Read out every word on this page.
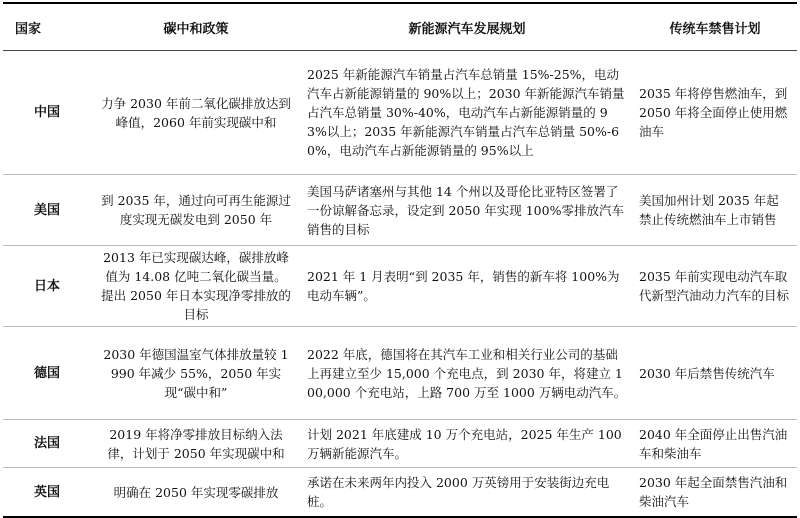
国家	碳中和政策	新能源汽车发展规划	传统车禁售计划
中国	力争 2030 年前二氧化碳排放达到峰值，2060 年前实现碳中和	2025 年新能源汽车销量占汽车总销量 15%-25%，电动汽车占新能源销量的 90%以上；2030 年新能源汽车销量占汽车总销量 30%-40%，电动汽车占新能源销量的 93%以上；2035 年新能源汽车销量占汽车总销量 50%-60%，电动汽车占新能源销量的 95%以上	2035 年将停售燃油车，到 2050 年将全面停止使用燃油车
美国	到 2035 年，通过向可再生能源过度实现无碳发电到 2050 年	美国马萨诸塞州与其他 14 个州以及哥伦比亚特区签署了一份谅解备忘录，设定到 2050 年实现 100%零排放汽车销售的目标	美国加州计划 2035 年起禁止传统燃油车上市销售
日本	2013 年已实现碳达峰，碳排放峰值为 14.08 亿吨二氧化碳当量。提出 2050 年日本实现净零排放的目标	2021 年 1 月表明“到 2035 年，销售的新车将 100%为电动车辆”。	2035 年前实现电动汽车取代新型汽油动力汽车的目标
德国	2030 年德国温室气体排放量较 1990 年减少 55%，2050 年实现“碳中和”	2022 年底，德国将在其汽车工业和相关行业公司的基础上再建立至少 15,000 个充电点，到 2030 年，将建立 100,000 个充电站，上路 700 万至 1000 万辆电动汽车。	2030 年后禁售传统汽车
法国	2019 年将净零排放目标纳入法律，计划于 2050 年实现碳中和	计划 2021 年底建成 10 万个充电站，2025 年生产 100 万辆新能源汽车。	2040 年全面停止出售汽油车和柴油车
英国	明确在 2050 年实现零碳排放	承诺在未来两年内投入 2000 万英镑用于安装街边充电桩。	2030 年起全面禁售汽油和柴油汽车
